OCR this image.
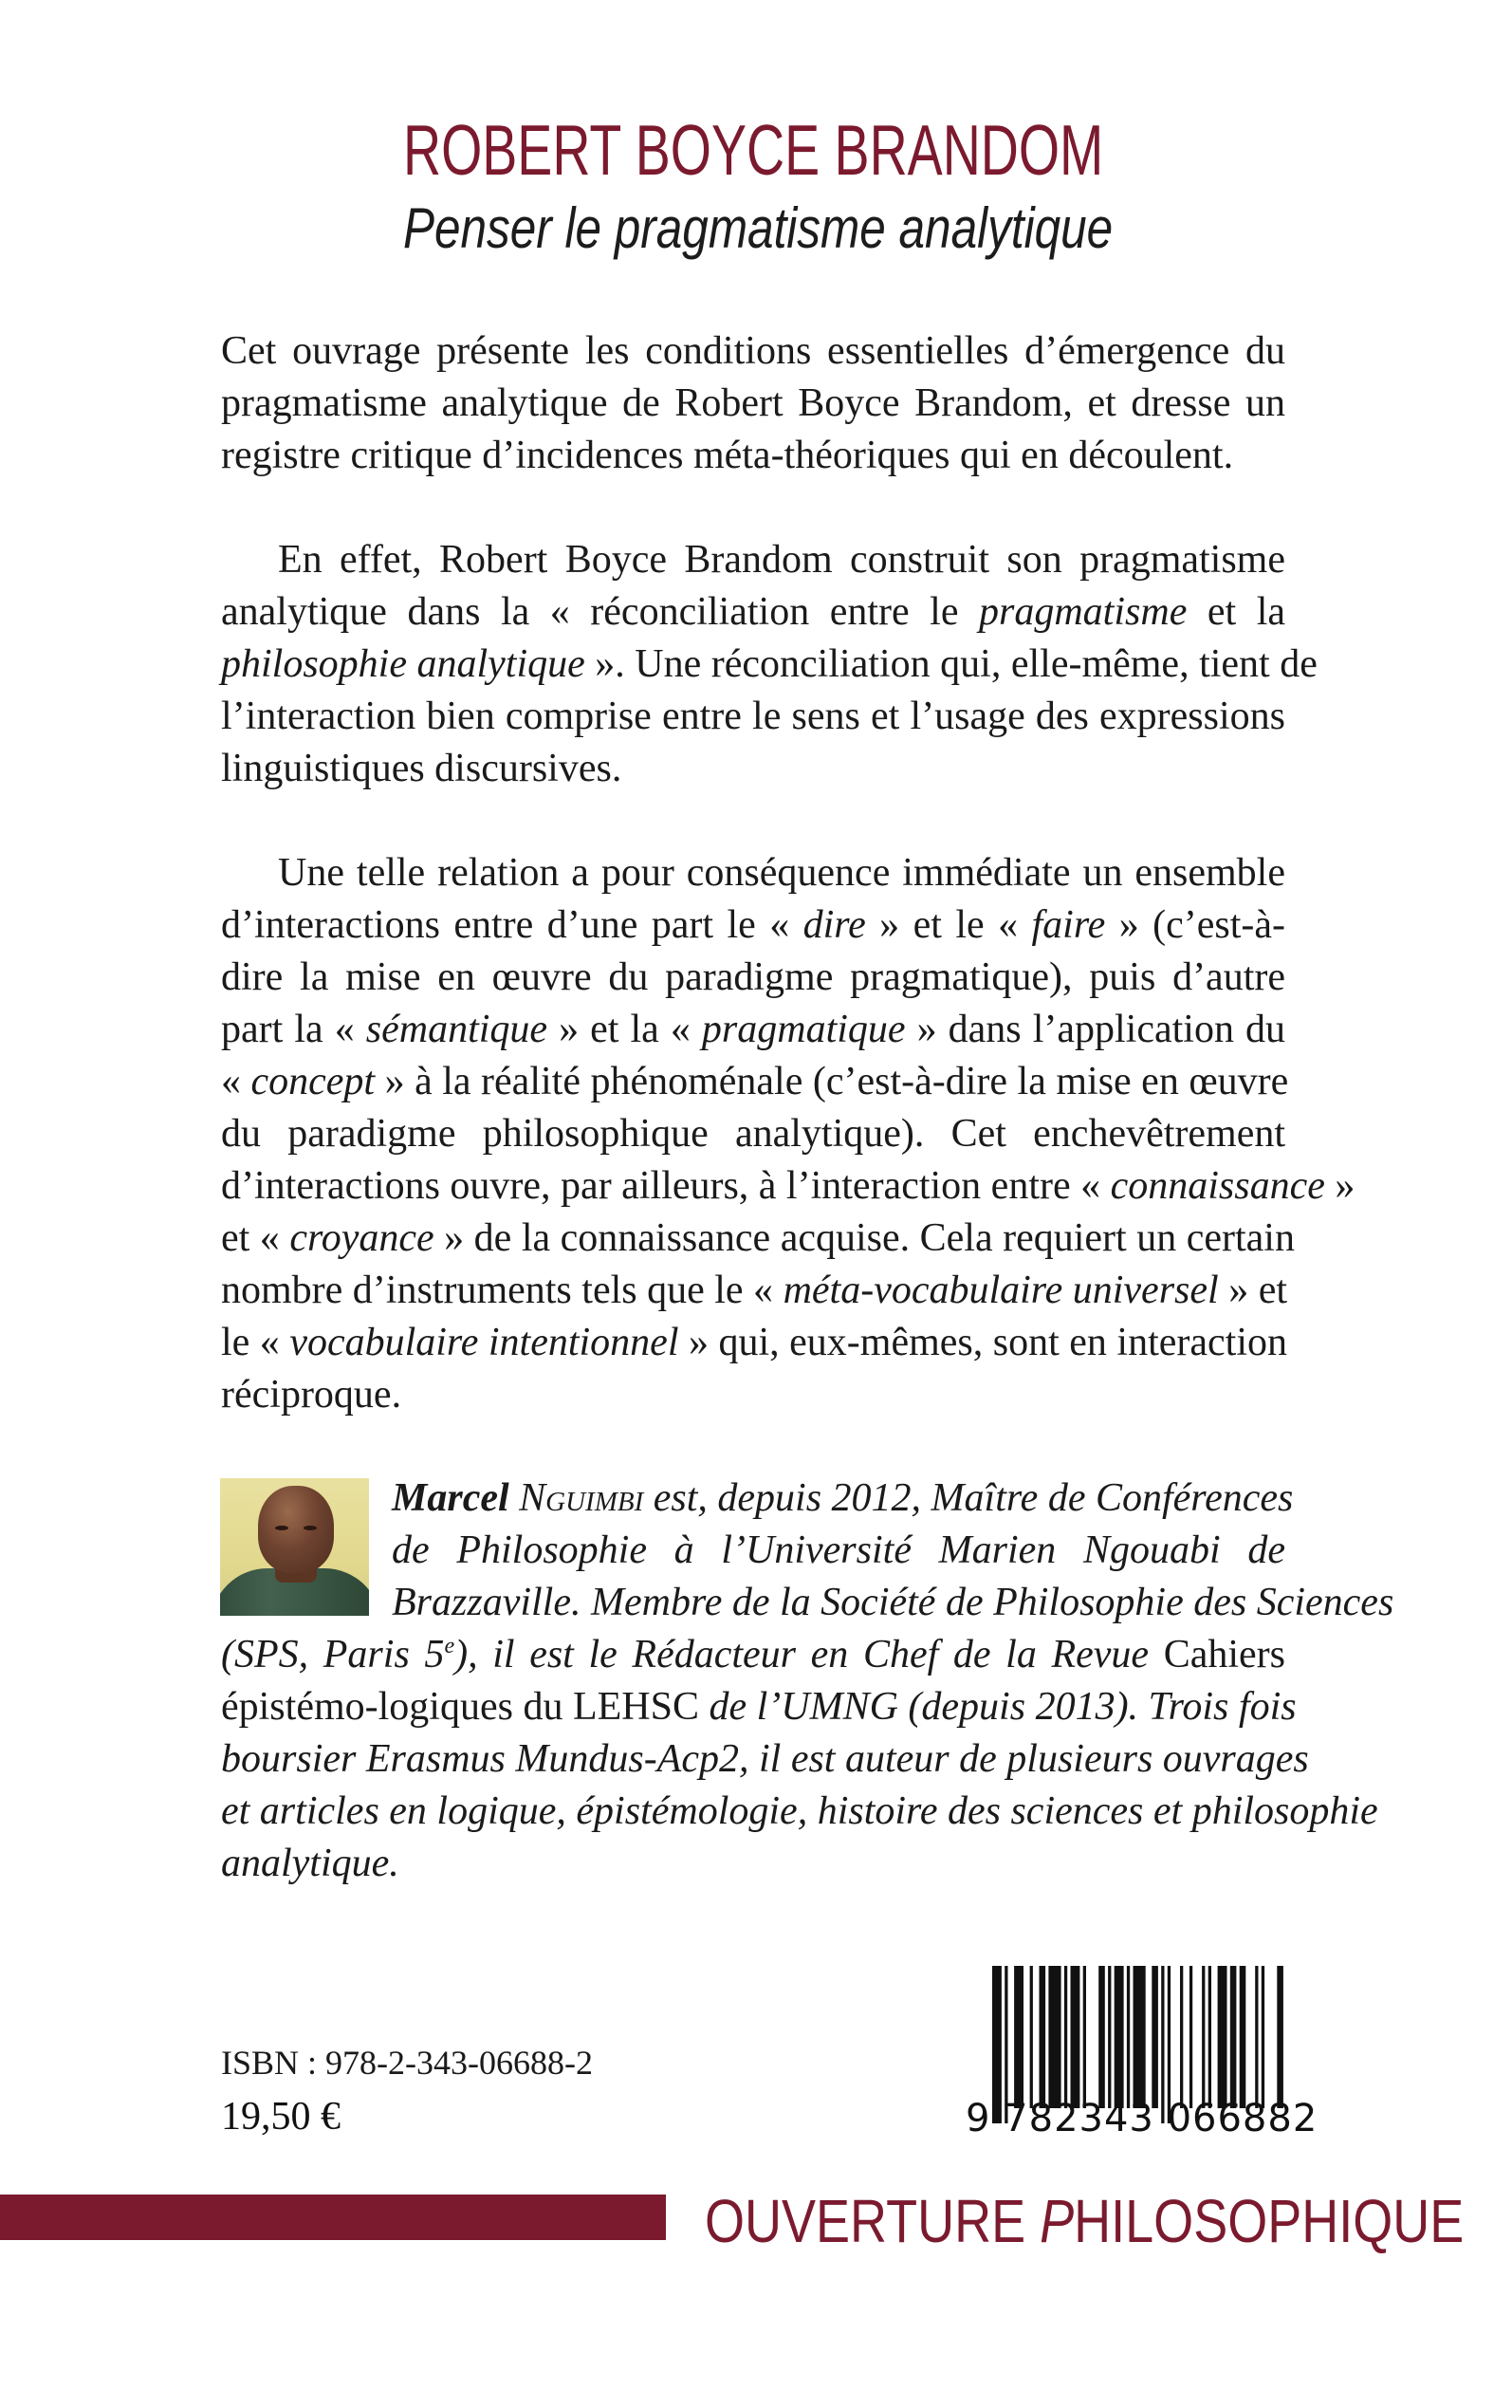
ROBERT BOYCE BRANDOM
Penser le pragmatisme analytique
Cet ouvrage présente les conditions essentielles d’émergence du
pragmatisme analytique de Robert Boyce Brandom, et dresse un
registre critique d’incidences méta-théoriques qui en découlent.
En effet, Robert Boyce Brandom construit son pragmatisme
analytique dans la « réconciliation entre le pragmatisme et la
philosophie analytique ». Une réconciliation qui, elle-même, tient de
l’interaction bien comprise entre le sens et l’usage des expressions
linguistiques discursives.
Une telle relation a pour conséquence immédiate un ensemble
d’interactions entre d’une part le « dire » et le « faire » (c’est-à-
dire la mise en œuvre du paradigme pragmatique), puis d’autre
part la « sémantique » et la « pragmatique » dans l’application du
« concept » à la réalité phénoménale (c’est-à-dire la mise en œuvre
du paradigme philosophique analytique). Cet enchevêtrement
d’interactions ouvre, par ailleurs, à l’interaction entre « connaissance »
et « croyance » de la connaissance acquise. Cela requiert un certain
nombre d’instruments tels que le « méta-vocabulaire universel » et
le « vocabulaire intentionnel » qui, eux-mêmes, sont en interaction
réciproque.
Marcel Nguimbi est, depuis 2012, Maître de Conférences
de Philosophie à l’Université Marien Ngouabi de
Brazzaville. Membre de la Société de Philosophie des Sciences
(SPS, Paris 5e), il est le Rédacteur en Chef de la Revue Cahiers
épistémo-logiques du LEHSC de l’UMNG (depuis 2013). Trois fois
boursier Erasmus Mundus-Acp2, il est auteur de plusieurs ouvrages
et articles en logique, épistémologie, histoire des sciences et philosophie
analytique.
ISBN : 978-2-343-06688-2
19,50 €	9 782343 066882
OUVERTURE PHILOSOPHIQUE
